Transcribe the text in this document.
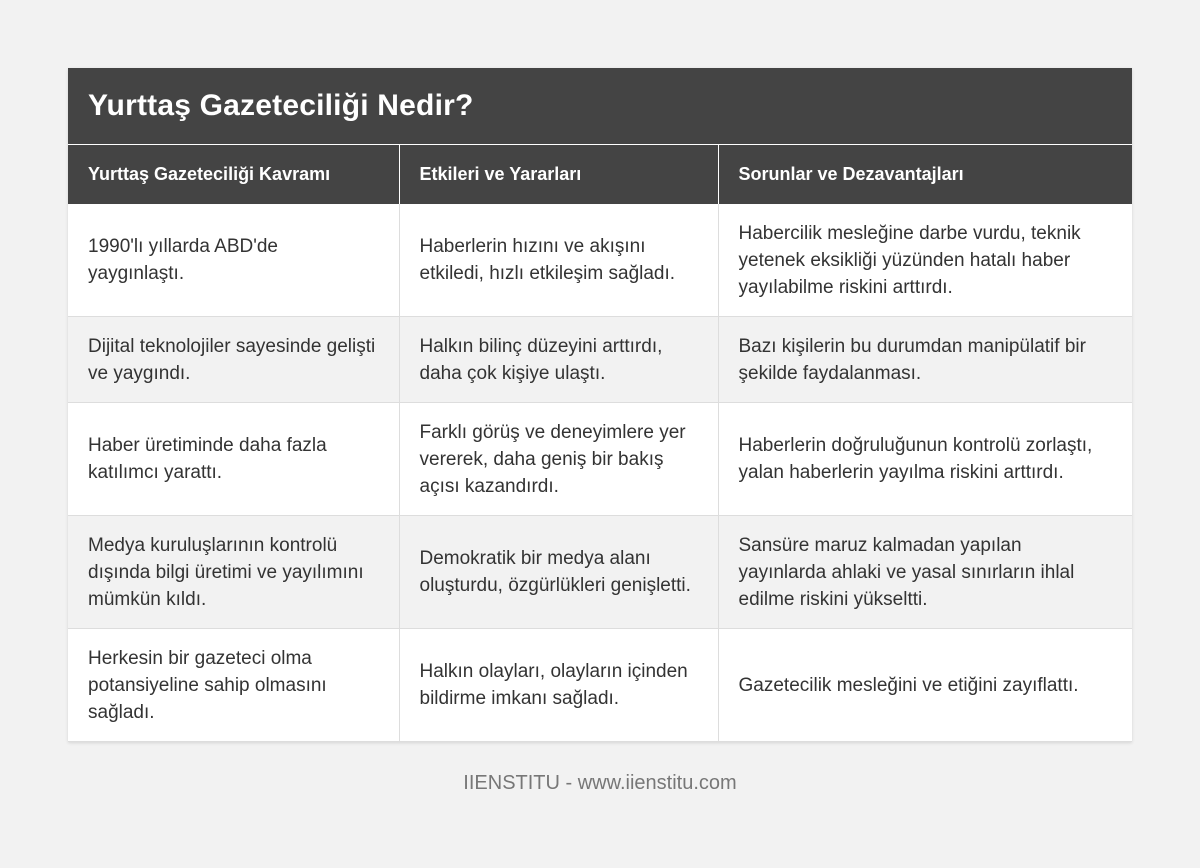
Yurttaş Gazeteciliği Nedir?
Yurttaş Gazeteciliği Kavramı	Etkileri ve Yararları	Sorunlar ve Dezavantajları
1990'lı yıllarda ABD'de yaygınlaştı.	Haberlerin hızını ve akışını etkiledi, hızlı etkileşim sağladı.	Habercilik mesleğine darbe vurdu, teknik yetenek eksikliği yüzünden hatalı haber yayılabilme riskini arttırdı.
Dijital teknolojiler sayesinde gelişti ve yaygındı.	Halkın bilinç düzeyini arttırdı, daha çok kişiye ulaştı.	Bazı kişilerin bu durumdan manipülatif bir şekilde faydalanması.
Haber üretiminde daha fazla katılımcı yarattı.	Farklı görüş ve deneyimlere yer vererek, daha geniş bir bakış açısı kazandırdı.	Haberlerin doğruluğunun kontrolü zorlaştı, yalan haberlerin yayılma riskini arttırdı.
Medya kuruluşlarının kontrolü dışında bilgi üretimi ve yayılımını mümkün kıldı.	Demokratik bir medya alanı oluşturdu, özgürlükleri genişletti.	Sansüre maruz kalmadan yapılan yayınlarda ahlaki ve yasal sınırların ihlal edilme riskini yükseltti.
Herkesin bir gazeteci olma potansiyeline sahip olmasını sağladı.	Halkın olayları, olayların içinden bildirme imkanı sağladı.	Gazetecilik mesleğini ve etiğini zayıflattı.
IIENSTITU - www.iienstitu.com
